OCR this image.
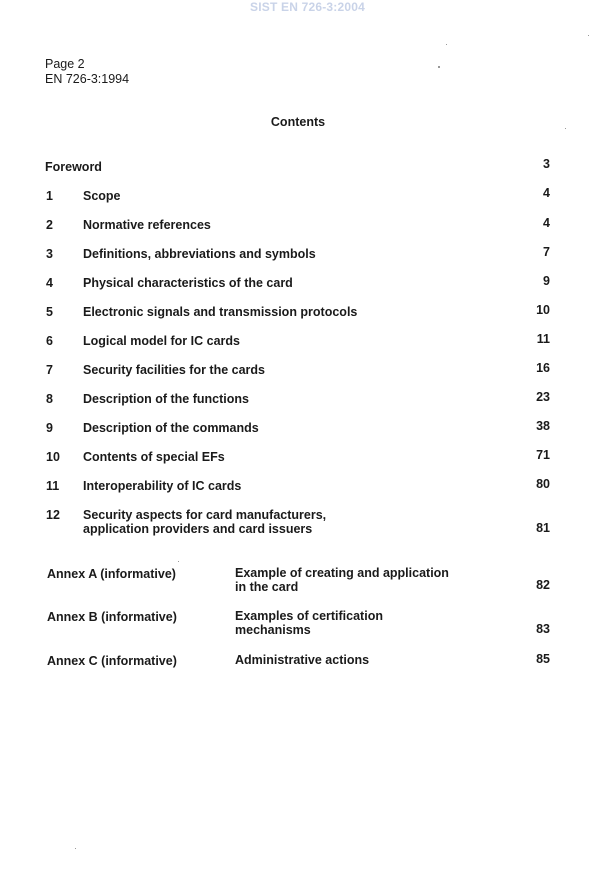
SIST EN 726-3:2004
Page 2
EN 726-3:1994
Contents
Foreword	3
1 Scope	4
2 Normative references	4
3 Definitions, abbreviations and symbols	7
4 Physical characteristics of the card	9
5 Electronic signals and transmission protocols	10
6 Logical model for IC cards	11
7 Security facilities for the cards	16
8 Description of the functions	23
9 Description of the commands	38
10 Contents of special EFs	71
11 Interoperability of IC cards	80
12 Security aspects for card manufacturers,
application providers and card issuers	81
Annex A (informative)	Example of creating and application
in the card	82
Annex B (informative)	Examples of certification
mechanisms	83
Annex C (informative)	Administrative actions	85
